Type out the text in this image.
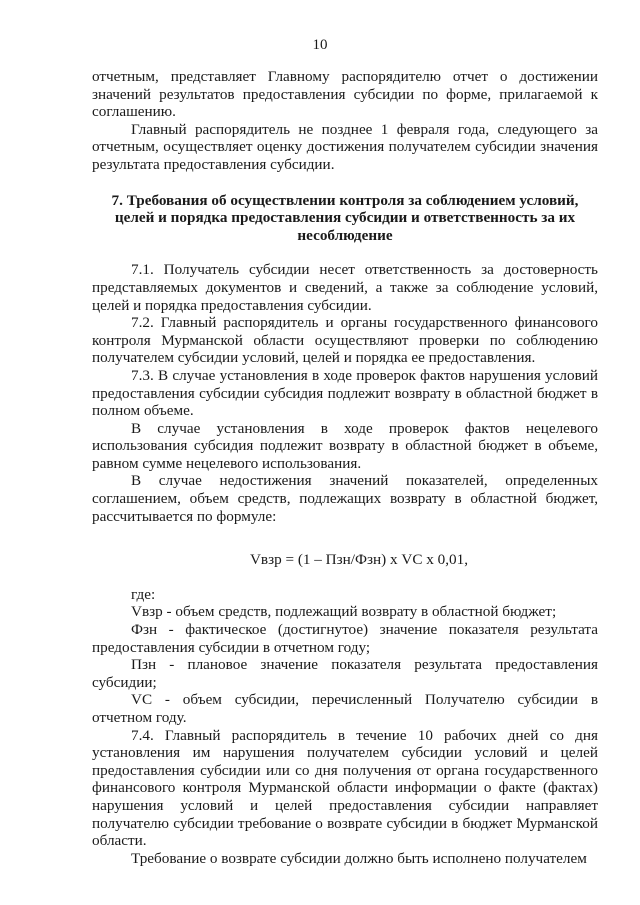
10

отчетным, представляет Главному распорядителю отчет о достижении значений результатов предоставления субсидии по форме, прилагаемой к соглашению.

Главный распорядитель не позднее 1 февраля года, следующего за отчетным, осуществляет оценку достижения получателем субсидии значения результата предоставления субсидии.

7. Требования об осуществлении контроля за соблюдением условий, целей и порядка предоставления субсидии и ответственность за их несоблюдение

7.1. Получатель субсидии несет ответственность за достоверность представляемых документов и сведений, а также за соблюдение условий, целей и порядка предоставления субсидии.

7.2. Главный распорядитель и органы государственного финансового контроля Мурманской области осуществляют проверки по соблюдению получателем субсидии условий, целей и порядка ее предоставления.

7.3. В случае установления в ходе проверок фактов нарушения условий предоставления субсидии субсидия подлежит возврату в областной бюджет в полном объеме.

В случае установления в ходе проверок фактов нецелевого использования субсидия подлежит возврату в областной бюджет в объеме, равном сумме нецелевого использования.

В случае недостижения значений показателей, определенных соглашением, объем средств, подлежащих возврату в областной бюджет, рассчитывается по формуле:

Vвзр = (1 – Пзн/Фзн) х VC х 0,01,

где:

Vвзр - объем средств, подлежащий возврату в областной бюджет;

Фзн - фактическое (достигнутое) значение показателя результата предоставления субсидии в отчетном году;

Пзн - плановое значение показателя результата предоставления субсидии;

VC - объем субсидии, перечисленный Получателю субсидии в отчетном году.

7.4. Главный распорядитель в течение 10 рабочих дней со дня установления им нарушения получателем субсидии условий и целей предоставления субсидии или со дня получения от органа государственного финансового контроля Мурманской области информации о факте (фактах) нарушения условий и целей предоставления субсидии направляет получателю субсидии требование о возврате субсидии в бюджет Мурманской области.

Требование о возврате субсидии должно быть исполнено получателем
